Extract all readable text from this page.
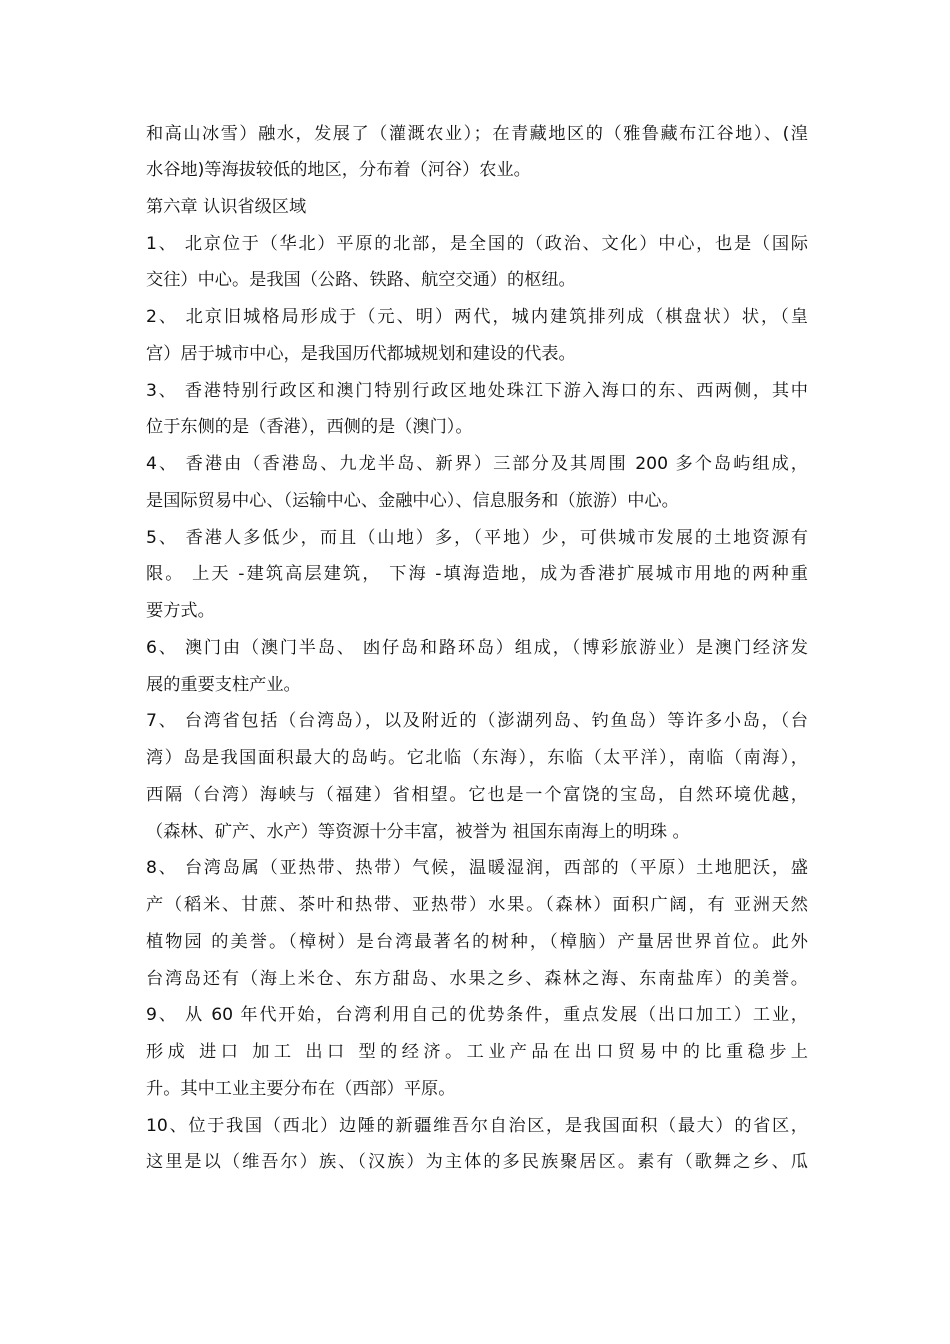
和高山冰雪）融水，发展了（灌溉农业）；在青藏地区的（雅鲁藏布江谷地）、(湟
水谷地)等海拔较低的地区，分布着（河谷）农业。
第六章 认识省级区域
1、 北京位于（华北）平原的北部，是全国的（政治、文化）中心，也是（国际
交往）中心。是我国（公路、铁路、航空交通）的枢纽。
2、 北京旧城格局形成于（元、明）两代，城内建筑排列成（棋盘状）状，（皇
宫）居于城市中心，是我国历代都城规划和建设的代表。
3、 香港特别行政区和澳门特别行政区地处珠江下游入海口的东、西两侧，其中
位于东侧的是（香港），西侧的是（澳门）。
4、 香港由（香港岛、九龙半岛、新界）三部分及其周围 200 多个岛屿组成，
是国际贸易中心、（运输中心、金融中心）、信息服务和（旅游）中心。
5、 香港人多低少，而且（山地）多，（平地）少，可供城市发展的土地资源有
限。 上天 -建筑高层建筑， 下海 -填海造地，成为香港扩展城市用地的两种重
要方式。
6、 澳门由（澳门半岛、 凼仔岛和路环岛）组成，（博彩旅游业）是澳门经济发
展的重要支柱产业。
7、 台湾省包括（台湾岛），以及附近的（澎湖列岛、钓鱼岛）等许多小岛，（台
湾）岛是我国面积最大的岛屿。它北临（东海），东临（太平洋），南临（南海），
西隔（台湾）海峡与（福建）省相望。它也是一个富饶的宝岛，自然环境优越，
（森林、矿产、水产）等资源十分丰富，被誉为 祖国东南海上的明珠 。
8、 台湾岛属（亚热带、热带）气候，温暖湿润，西部的（平原）土地肥沃，盛
产（稻米、甘蔗、茶叶和热带、亚热带）水果。（森林）面积广阔，有 亚洲天然
植物园 的美誉。（樟树）是台湾最著名的树种，（樟脑）产量居世界首位。此外
台湾岛还有（海上米仓、东方甜岛、水果之乡、森林之海、东南盐库）的美誉。
9、 从 60 年代开始，台湾利用自己的优势条件，重点发展（出口加工）工业，
形成 进口 加工 出口 型的经济。工业产品在出口贸易中的比重稳步上
升。其中工业主要分布在（西部）平原。
10、位于我国（西北）边陲的新疆维吾尔自治区，是我国面积（最大）的省区，
这里是以（维吾尔）族、（汉族）为主体的多民族聚居区。素有（歌舞之乡、瓜
